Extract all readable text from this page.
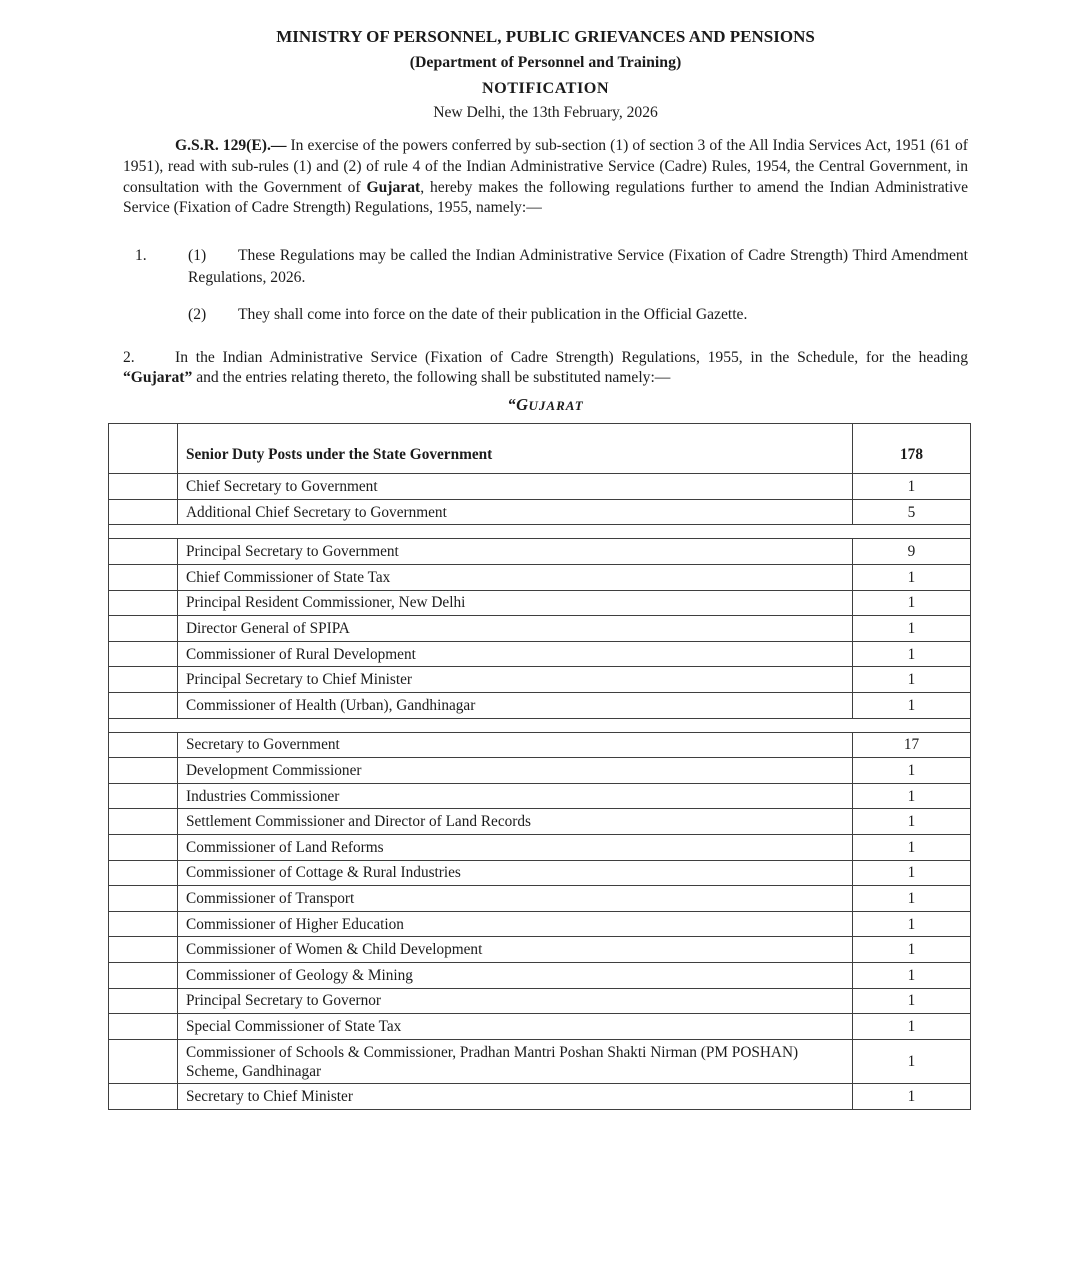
MINISTRY OF PERSONNEL, PUBLIC GRIEVANCES AND PENSIONS
(Department of Personnel and Training)
NOTIFICATION
New Delhi, the 13th February, 2026

G.S.R. 129(E).— In exercise of the powers conferred by sub-section (1) of section 3 of the All India Services Act, 1951 (61 of 1951), read with sub-rules (1) and (2) of rule 4 of the Indian Administrative Service (Cadre) Rules, 1954, the Central Government, in consultation with the Government of Gujarat, hereby makes the following regulations further to amend the Indian Administrative Service (Fixation of Cadre Strength) Regulations, 1955, namely:—

1.	(1) These Regulations may be called the Indian Administrative Service (Fixation of Cadre Strength) Third Amendment Regulations, 2026.
(2) They shall come into force on the date of their publication in the Official Gazette.

2.	In the Indian Administrative Service (Fixation of Cadre Strength) Regulations, 1955, in the Schedule, for the heading “Gujarat” and the entries relating thereto, the following shall be substituted namely:—

“GUJARAT
	Senior Duty Posts under the State Government	178
	Chief Secretary to Government	1
	Additional Chief Secretary to Government	5

	Principal Secretary to Government	9
	Chief Commissioner of State Tax	1
	Principal Resident Commissioner, New Delhi	1
	Director General of SPIPA	1
	Commissioner of Rural Development	1
	Principal Secretary to Chief Minister	1
	Commissioner of Health (Urban), Gandhinagar	1

	Secretary to Government	17
	Development Commissioner	1
	Industries Commissioner	1
	Settlement Commissioner and Director of Land Records	1
	Commissioner of Land Reforms	1
	Commissioner of Cottage & Rural Industries	1
	Commissioner of Transport	1
	Commissioner of Higher Education	1
	Commissioner of Women & Child Development	1
	Commissioner of Geology & Mining	1
	Principal Secretary to Governor	1
	Special Commissioner of State Tax	1
	Commissioner of Schools & Commissioner, Pradhan Mantri Poshan Shakti Nirman (PM POSHAN) Scheme, Gandhinagar	1
	Secretary to Chief Minister	1
